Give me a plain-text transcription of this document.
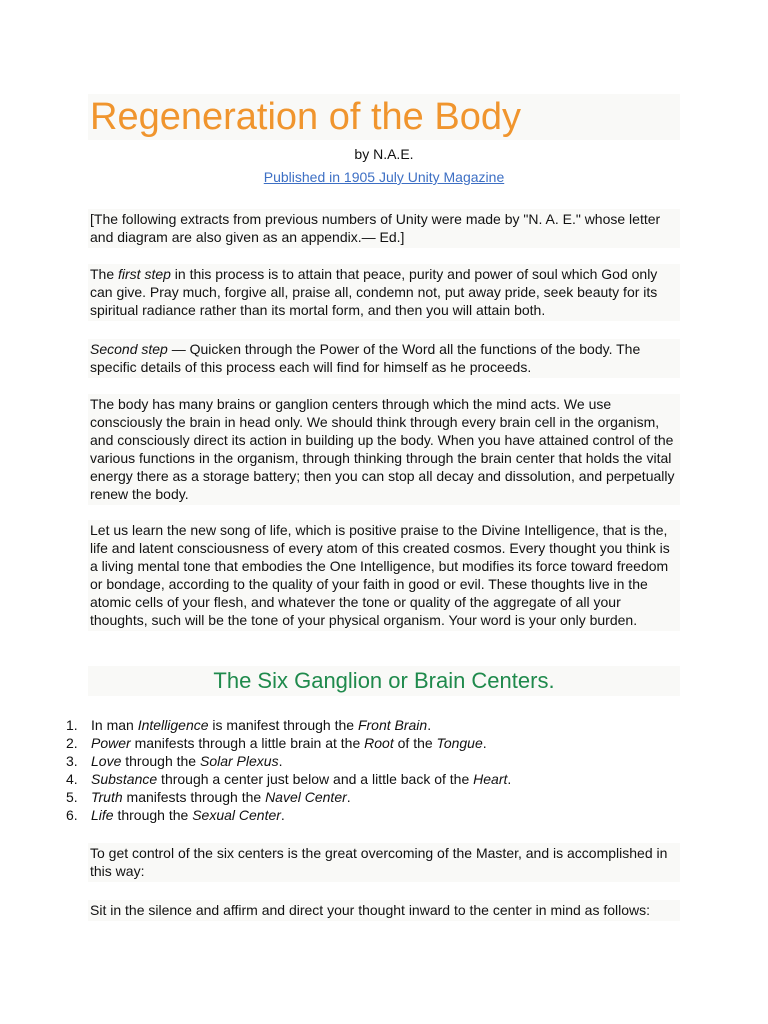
Regeneration of the Body
by N.A.E.
Published in 1905 July Unity Magazine
[The following extracts from previous numbers of Unity were made by "N. A. E." whose letter and diagram are also given as an appendix.— Ed.]
The first step in this process is to attain that peace, purity and power of soul which God only can give. Pray much, forgive all, praise all, condemn not, put away pride, seek beauty for its spiritual radiance rather than its mortal form, and then you will attain both.
Second step — Quicken through the Power of the Word all the functions of the body. The specific details of this process each will find for himself as he proceeds.
The body has many brains or ganglion centers through which the mind acts. We use consciously the brain in head only. We should think through every brain cell in the organism, and consciously direct its action in building up the body. When you have attained control of the various functions in the organism, through thinking through the brain center that holds the vital energy there as a storage battery; then you can stop all decay and dissolution, and perpetually renew the body.
Let us learn the new song of life, which is positive praise to the Divine Intelligence, that is the, life and latent consciousness of every atom of this created cosmos. Every thought you think is a living mental tone that embodies the One Intelligence, but modifies its force toward freedom or bondage, according to the quality of your faith in good or evil. These thoughts live in the atomic cells of your flesh, and whatever the tone or quality of the aggregate of all your thoughts, such will be the tone of your physical organism. Your word is your only burden.
The Six Ganglion or Brain Centers.
1. In man Intelligence is manifest through the Front Brain.
2. Power manifests through a little brain at the Root of the Tongue.
3. Love through the Solar Plexus.
4. Substance through a center just below and a little back of the Heart.
5. Truth manifests through the Navel Center.
6. Life through the Sexual Center.
To get control of the six centers is the great overcoming of the Master, and is accomplished in this way:
Sit in the silence and affirm and direct your thought inward to the center in mind as follows:
